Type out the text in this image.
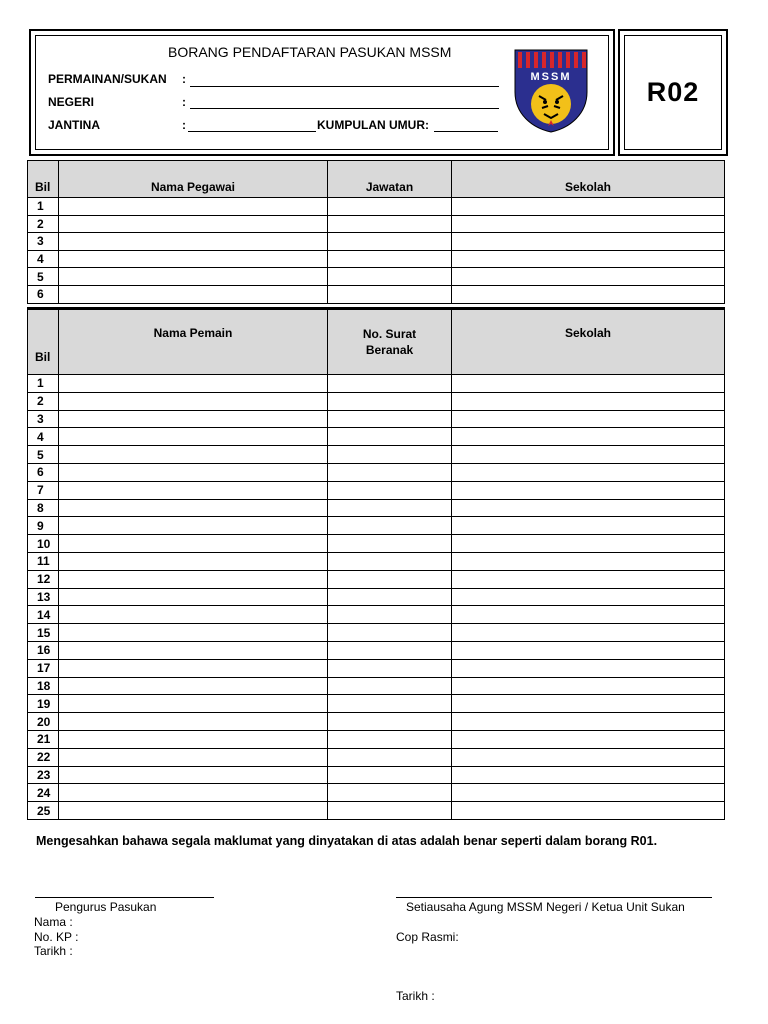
BORANG PENDAFTARAN PASUKAN MSSM
PERMAINAN/SUKAN :
NEGERI	:
JANTINA	:	KUMPULAN UMUR:
MSSM	R02
Bil	Nama Pegawai	Jawatan	Sekolah
1			
2			
3			
4			
5			
6			
Bil	Nama Pemain	No. Surat Beranak	Sekolah
1			
2			
3			
4			
5			
6			
7			
8			
9			
10			
11			
12			
13			
14			
15			
16			
17			
18			
19			
20			
21			
22			
23			
24			
25			
Mengesahkan bahawa segala maklumat yang dinyatakan di atas adalah benar seperti dalam borang R01.
Pengurus Pasukan
Nama :
No. KP :
Tarikh :
Setiausaha Agung MSSM Negeri / Ketua Unit Sukan
Cop Rasmi:
Tarikh :
